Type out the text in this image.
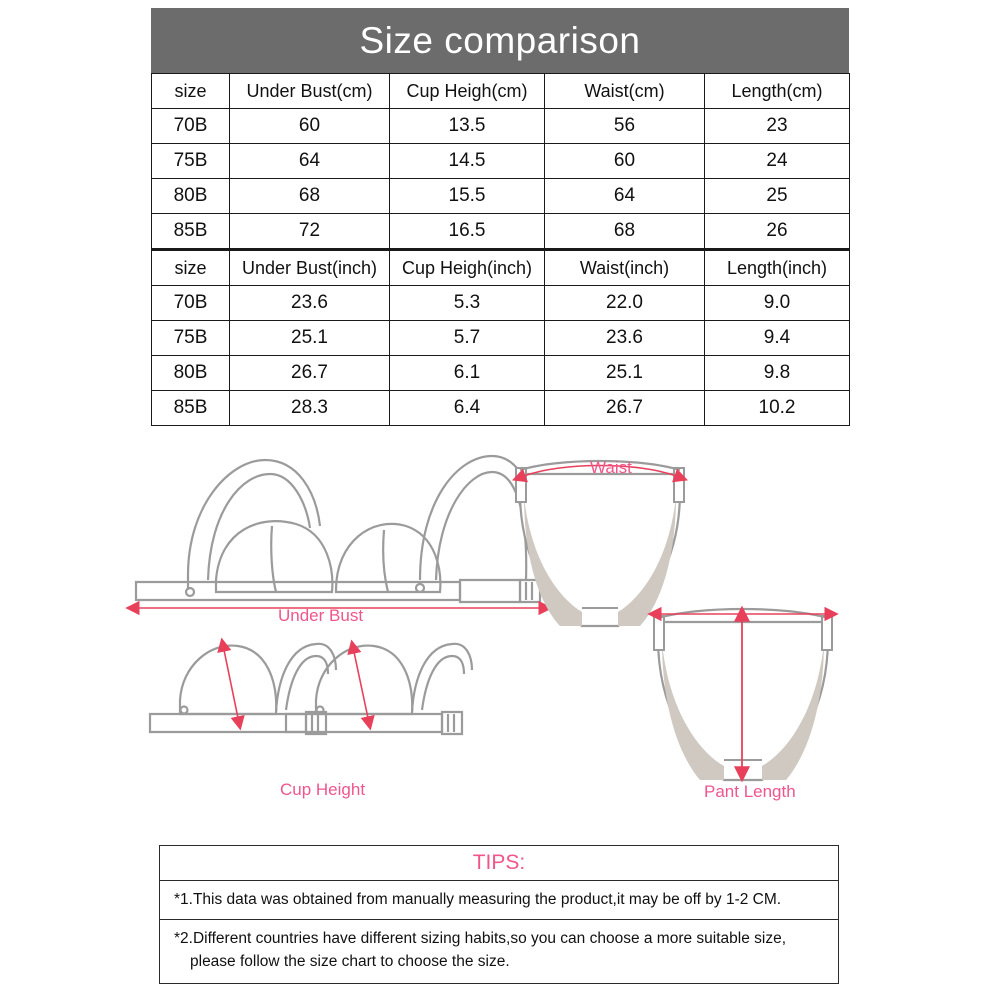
Size comparison
size	Under Bust(cm)	Cup Heigh(cm)	Waist(cm)	Length(cm)
70B	60	13.5	56	23
75B	64	14.5	60	24
80B	68	15.5	64	25
85B	72	16.5	68	26
size	Under Bust(inch)	Cup Heigh(inch)	Waist(inch)	Length(inch)
70B	23.6	5.3	22.0	9.0
75B	25.1	5.7	23.6	9.4
80B	26.7	6.1	25.1	9.8
85B	28.3	6.4	26.7	10.2
Under Bust
Cup Height
Waist
Pant Length
TIPS:
*1.This data was obtained from manually measuring the product,it may be off by 1-2 CM.
*2.Different countries have different sizing habits,so you can choose a more suitable size,
please follow the size chart to choose the size.
